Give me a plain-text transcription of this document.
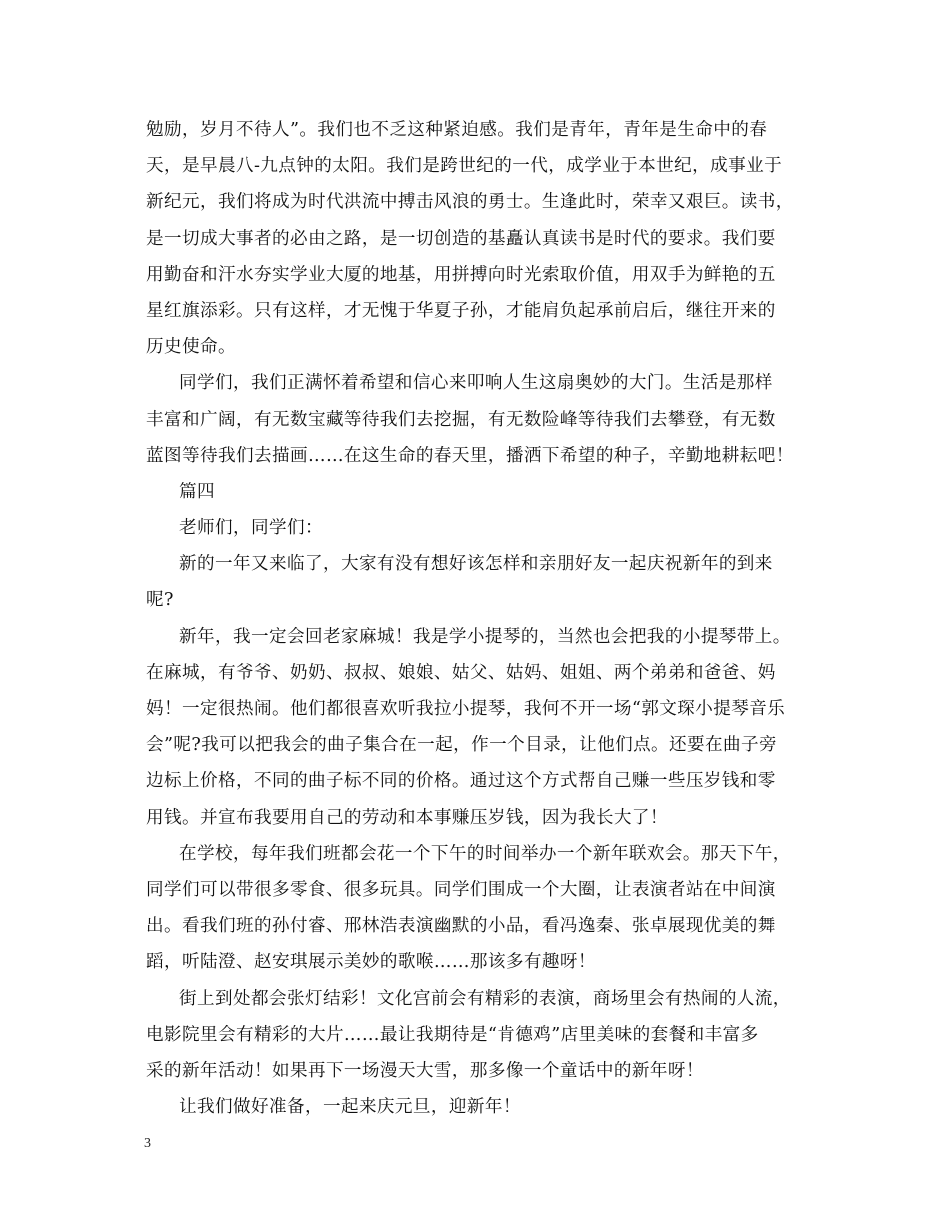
勉励，岁月不待人”。我们也不乏这种紧迫感。我们是青年，青年是生命中的春
天，是早晨八-九点钟的太阳。我们是跨世纪的一代，成学业于本世纪，成事业于
新纪元，我们将成为时代洪流中搏击风浪的勇士。生逢此时，荣幸又艰巨。读书，
是一切成大事者的必由之路，是一切创造的基矗认真读书是时代的要求。我们要
用勤奋和汗水夯实学业大厦的地基，用拼搏向时光索取价值，用双手为鲜艳的五
星红旗添彩。只有这样，才无愧于华夏子孙，才能肩负起承前启后，继往开来的
历史使命。
同学们，我们正满怀着希望和信心来叩响人生这扇奥妙的大门。生活是那样
丰富和广阔，有无数宝藏等待我们去挖掘，有无数险峰等待我们去攀登，有无数
蓝图等待我们去描画……在这生命的春天里，播洒下希望的种子，辛勤地耕耘吧！
篇四
老师们，同学们：
新的一年又来临了，大家有没有想好该怎样和亲朋好友一起庆祝新年的到来
呢?
新年，我一定会回老家麻城！我是学小提琴的，当然也会把我的小提琴带上。
在麻城，有爷爷、奶奶、叔叔、娘娘、姑父、姑妈、姐姐、两个弟弟和爸爸、妈
妈！一定很热闹。他们都很喜欢听我拉小提琴，我何不开一场“郭文琛小提琴音乐
会”呢?我可以把我会的曲子集合在一起，作一个目录，让他们点。还要在曲子旁
边标上价格，不同的曲子标不同的价格。通过这个方式帮自己赚一些压岁钱和零
用钱。并宣布我要用自己的劳动和本事赚压岁钱，因为我长大了！
在学校，每年我们班都会花一个下午的时间举办一个新年联欢会。那天下午，
同学们可以带很多零食、很多玩具。同学们围成一个大圈，让表演者站在中间演
出。看我们班的孙付睿、邢林浩表演幽默的小品，看冯逸秦、张卓展现优美的舞
蹈，听陆澄、赵安琪展示美妙的歌喉……那该多有趣呀！
街上到处都会张灯结彩！文化宫前会有精彩的表演，商场里会有热闹的人流，
电影院里会有精彩的大片……最让我期待是“肯德鸡”店里美味的套餐和丰富多
采的新年活动！如果再下一场漫天大雪，那多像一个童话中的新年呀！
让我们做好准备，一起来庆元旦，迎新年！
3
